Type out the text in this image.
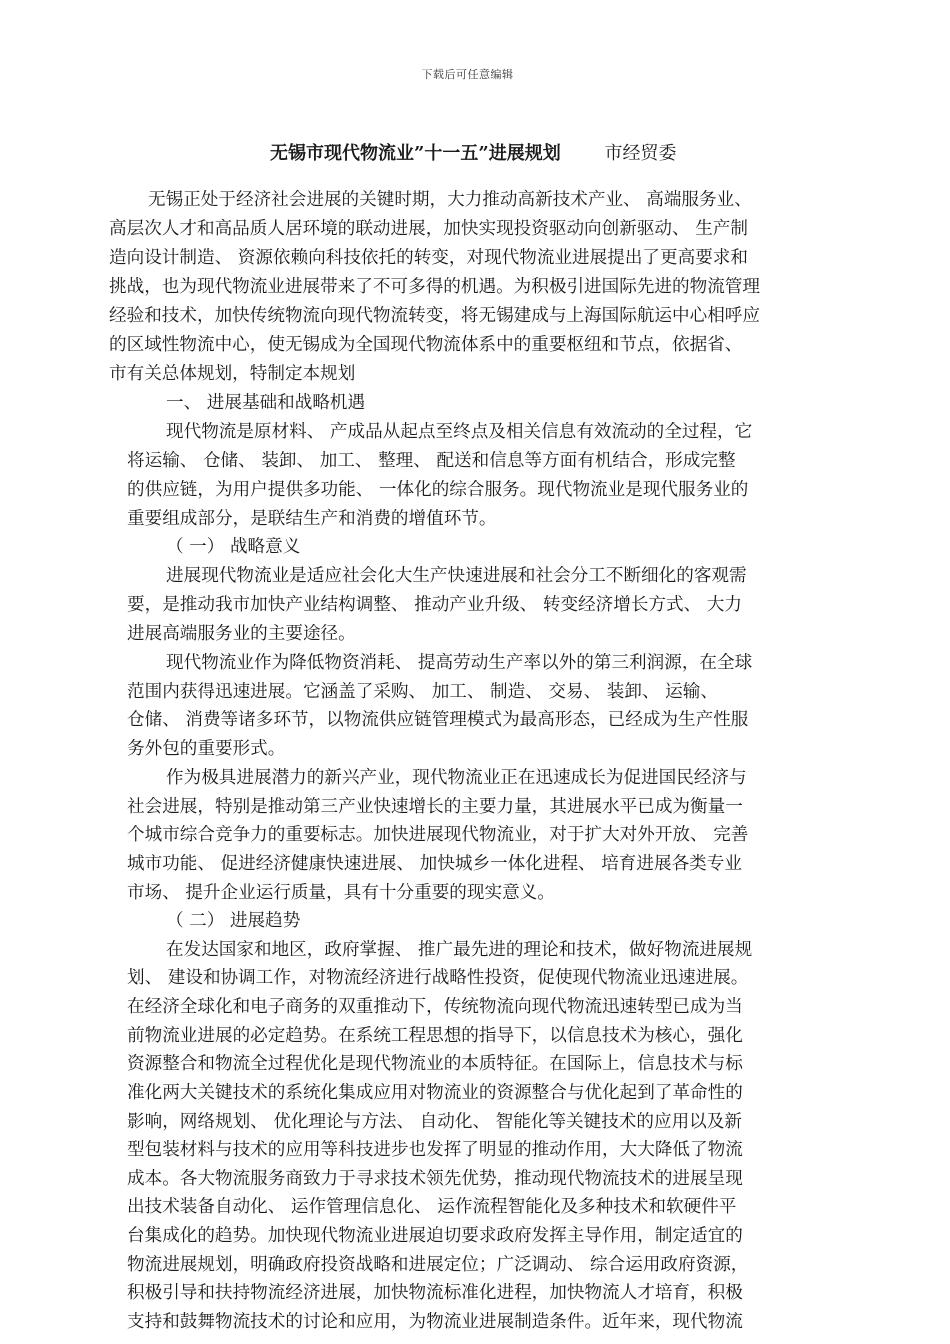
下载后可任意编辑
无锡市现代物流业”十一五”进展规划 市经贸委
无锡正处于经济社会进展的关键时期，大力推动高新技术产业、 高端服务业、
高层次人才和高品质人居环境的联动进展，加快实现投资驱动向创新驱动、 生产制
造向设计制造、 资源依赖向科技依托的转变，对现代物流业进展提出了更高要求和
挑战，也为现代物流业进展带来了不可多得的机遇。为积极引进国际先进的物流管理
经验和技术，加快传统物流向现代物流转变，将无锡建成与上海国际航运中心相呼应
的区域性物流中心，使无锡成为全国现代物流体系中的重要枢纽和节点，依据省、
市有关总体规划，特制定本规划
一、 进展基础和战略机遇
现代物流是原材料、 产成品从起点至终点及相关信息有效流动的全过程，它
将运输、 仓储、 装卸、 加工、 整理、 配送和信息等方面有机结合，形成完整
的供应链，为用户提供多功能、 一体化的综合服务。现代物流业是现代服务业的
重要组成部分，是联结生产和消费的增值环节。
（ 一） 战略意义
进展现代物流业是适应社会化大生产快速进展和社会分工不断细化的客观需
要，是推动我市加快产业结构调整、 推动产业升级、 转变经济增长方式、 大力
进展高端服务业的主要途径。
现代物流业作为降低物资消耗、 提高劳动生产率以外的第三利润源，在全球
范围内获得迅速进展。它涵盖了采购、 加工、 制造、 交易、 装卸、 运输、
仓储、 消费等诸多环节，以物流供应链管理模式为最高形态，已经成为生产性服
务外包的重要形式。
作为极具进展潜力的新兴产业，现代物流业正在迅速成长为促进国民经济与
社会进展，特别是推动第三产业快速增长的主要力量，其进展水平已成为衡量一
个城市综合竞争力的重要标志。加快进展现代物流业，对于扩大对外开放、 完善
城市功能、 促进经济健康快速进展、 加快城乡一体化进程、 培育进展各类专业
市场、 提升企业运行质量，具有十分重要的现实意义。
（ 二） 进展趋势
在发达国家和地区，政府掌握、 推广最先进的理论和技术，做好物流进展规
划、 建设和协调工作，对物流经济进行战略性投资，促使现代物流业迅速进展。
在经济全球化和电子商务的双重推动下，传统物流向现代物流迅速转型已成为当
前物流业进展的必定趋势。在系统工程思想的指导下，以信息技术为核心，强化
资源整合和物流全过程优化是现代物流业的本质特征。在国际上，信息技术与标
准化两大关键技术的系统化集成应用对物流业的资源整合与优化起到了革命性的
影响，网络规划、 优化理论与方法、 自动化、 智能化等关键技术的应用以及新
型包装材料与技术的应用等科技进步也发挥了明显的推动作用，大大降低了物流
成本。各大物流服务商致力于寻求技术领先优势，推动现代物流技术的进展呈现
出技术装备自动化、 运作管理信息化、 运作流程智能化及多种技术和软硬件平
台集成化的趋势。加快现代物流业进展迫切要求政府发挥主导作用，制定适宜的
物流进展规划，明确政府投资战略和进展定位；广泛调动、 综合运用政府资源，
积极引导和扶持物流经济进展，加快物流标准化进程，加快物流人才培育，积极
支持和鼓舞物流技术的讨论和应用，为物流业进展制造条件。近年来，现代物流
